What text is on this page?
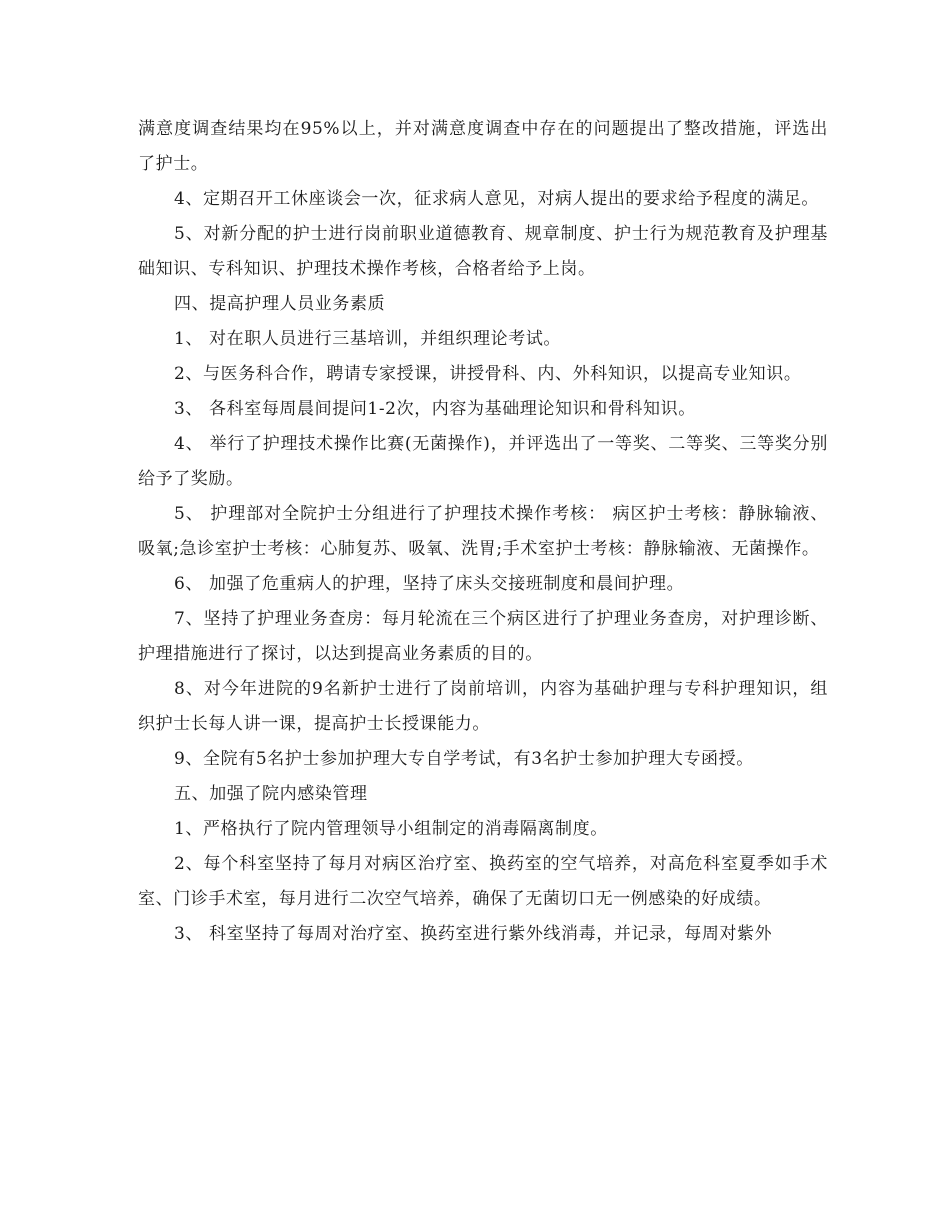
满意度调查结果均在95%以上，并对满意度调查中存在的问题提出了整改措施，评选出了护士。

4、定期召开工休座谈会一次，征求病人意见，对病人提出的要求给予程度的满足。

5、对新分配的护士进行岗前职业道德教育、规章制度、护士行为规范教育及护理基础知识、专科知识、护理技术操作考核，合格者给予上岗。

四、提高护理人员业务素质

1、 对在职人员进行三基培训，并组织理论考试。

2、与医务科合作，聘请专家授课，讲授骨科、内、外科知识，以提高专业知识。

3、 各科室每周晨间提问1-2次，内容为基础理论知识和骨科知识。

4、 举行了护理技术操作比赛(无菌操作)，并评选出了一等奖、二等奖、三等奖分别给予了奖励。

5、 护理部对全院护士分组进行了护理技术操作考核： 病区护士考核：静脉输液、吸氧;急诊室护士考核：心肺复苏、吸氧、洗胃;手术室护士考核：静脉输液、无菌操作。

6、 加强了危重病人的护理，坚持了床头交接班制度和晨间护理。

7、坚持了护理业务查房：每月轮流在三个病区进行了护理业务查房，对护理诊断、护理措施进行了探讨，以达到提高业务素质的目的。

8、对今年进院的9名新护士进行了岗前培训，内容为基础护理与专科护理知识，组织护士长每人讲一课，提高护士长授课能力。

9、全院有5名护士参加护理大专自学考试，有3名护士参加护理大专函授。

五、加强了院内感染管理

1、严格执行了院内管理领导小组制定的消毒隔离制度。

2、每个科室坚持了每月对病区治疗室、换药室的空气培养，对高危科室夏季如手术室、门诊手术室，每月进行二次空气培养，确保了无菌切口无一例感染的好成绩。

3、 科室坚持了每周对治疗室、换药室进行紫外线消毒，并记录，每周对紫外
